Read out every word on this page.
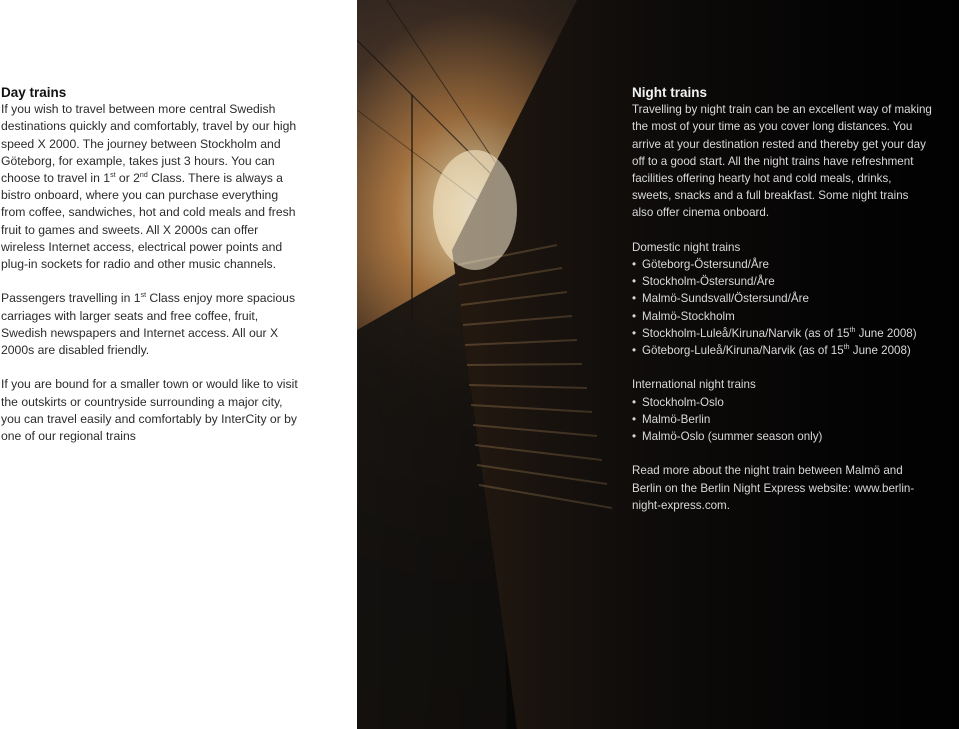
Day trains

If you wish to travel between more central Swedish destinations quickly and comfortably, travel by our high speed X 2000. The journey between Stockholm and Göteborg, for example, takes just 3 hours. You can choose to travel in 1st or 2nd Class. There is always a bistro onboard, where you can purchase everything from coffee, sandwiches, hot and cold meals and fresh fruit to games and sweets. All X 2000s can offer wireless Internet access, electrical power points and plug-in sockets for radio and other music channels.

Passengers travelling in 1st Class enjoy more spacious carriages with larger seats and free coffee, fruit, Swedish newspapers and Internet access. All our X 2000s are disabled friendly.

If you are bound for a smaller town or would like to visit the outskirts or countryside surrounding a major city, you can travel easily and comfortably by InterCity or by one of our regional trains

Night trains

Travelling by night train can be an excellent way of making the most of your time as you cover long distances. You arrive at your destination rested and thereby get your day off to a good start. All the night trains have refreshment facilities offering hearty hot and cold meals, drinks, sweets, snacks and a full breakfast. Some night trains also offer cinema onboard.

Domestic night trains

• Göteborg-Östersund/Åre
• Stockholm-Östersund/Åre
• Malmö-Sundsvall/Östersund/Åre
• Malmö-Stockholm
• Stockholm-Luleå/Kiruna/Narvik (as of 15th June 2008)
• Göteborg-Luleå/Kiruna/Narvik (as of 15th June 2008)

International night trains

• Stockholm-Oslo
• Malmö-Berlin
• Malmö-Oslo (summer season only)

Read more about the night train between Malmö and Berlin on the Berlin Night Express website: www.berlin-night-express.com.
